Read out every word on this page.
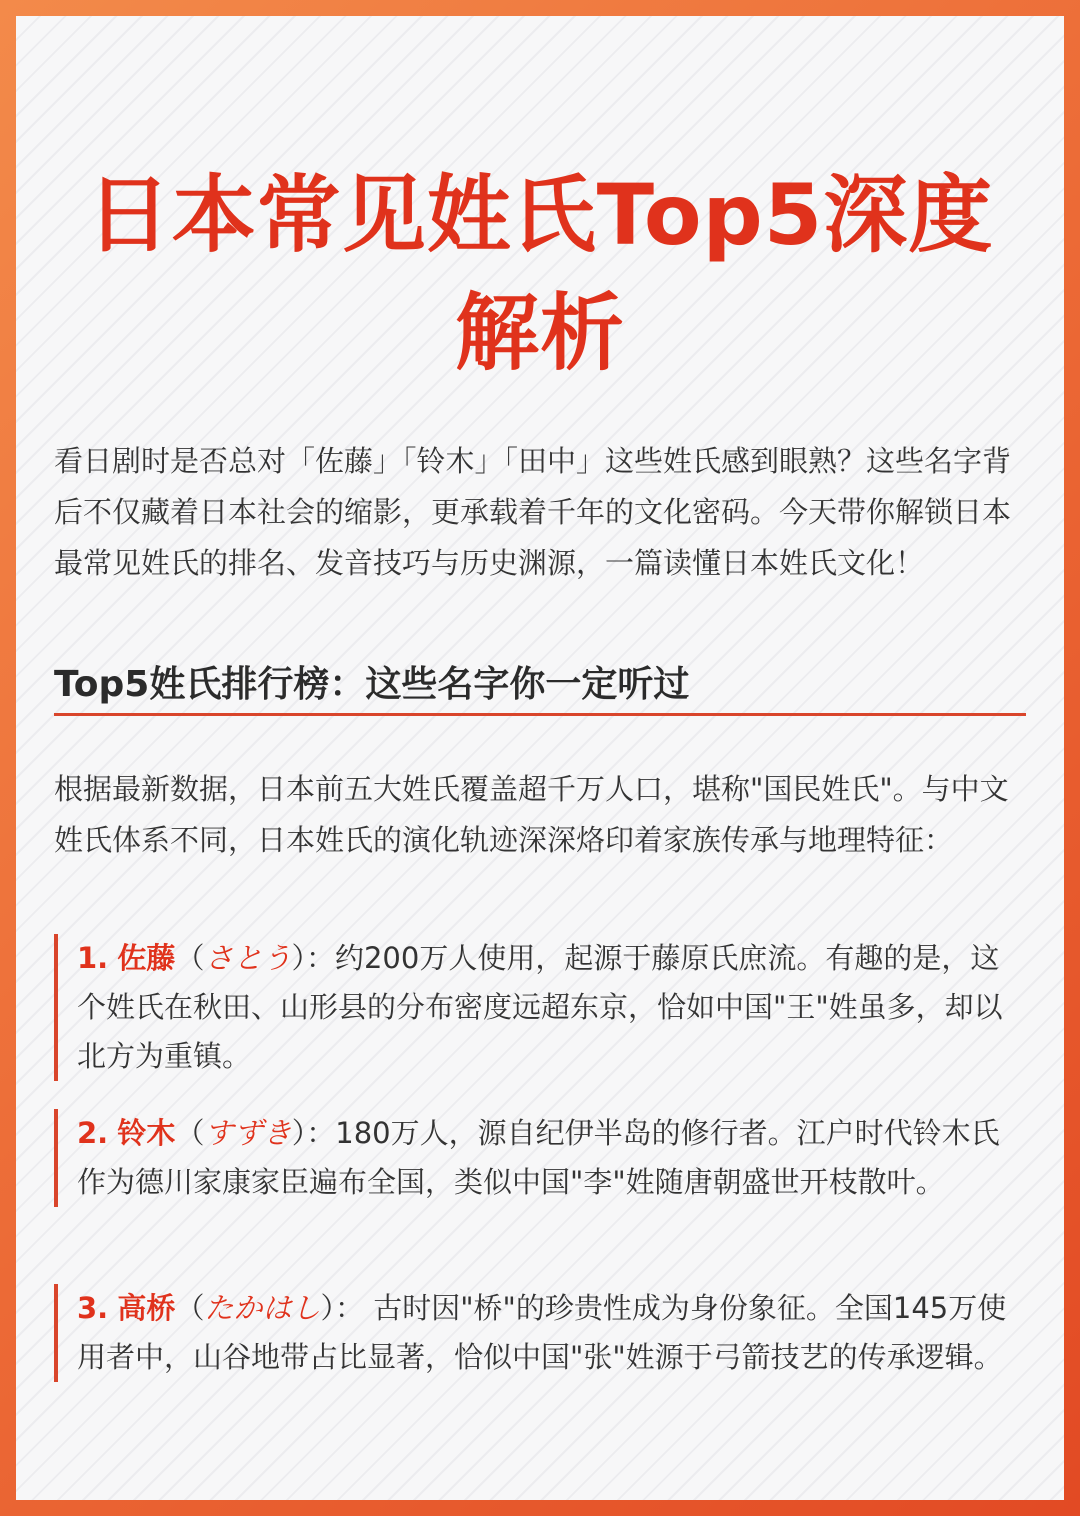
日本常见姓氏Top5深度解析

看日剧时是否总对「佐藤」「铃木」「田中」这些姓氏感到眼熟？这些名字背后不仅藏着日本社会的缩影，更承载着千年的文化密码。今天带你解锁日本最常见姓氏的排名、发音技巧与历史渊源，一篇读懂日本姓氏文化！

Top5姓氏排行榜：这些名字你一定听过

根据最新数据，日本前五大姓氏覆盖超千万人口，堪称"国民姓氏"。与中文姓氏体系不同，日本姓氏的演化轨迹深深烙印着家族传承与地理特征：

1. 佐藤（さとう）：约200万人使用，起源于藤原氏庶流。有趣的是，这个姓氏在秋田、山形县的分布密度远超东京，恰如中国"王"姓虽多，却以北方为重镇。

2. 铃木（すずき）：180万人，源自纪伊半岛的修行者。江户时代铃木氏作为德川家康家臣遍布全国，类似中国"李"姓随唐朝盛世开枝散叶。

3. 高桥（たかはし）： 古时因"桥"的珍贵性成为身份象征。全国145万使用者中，山谷地带占比显著，恰似中国"张"姓源于弓箭技艺的传承逻辑。
